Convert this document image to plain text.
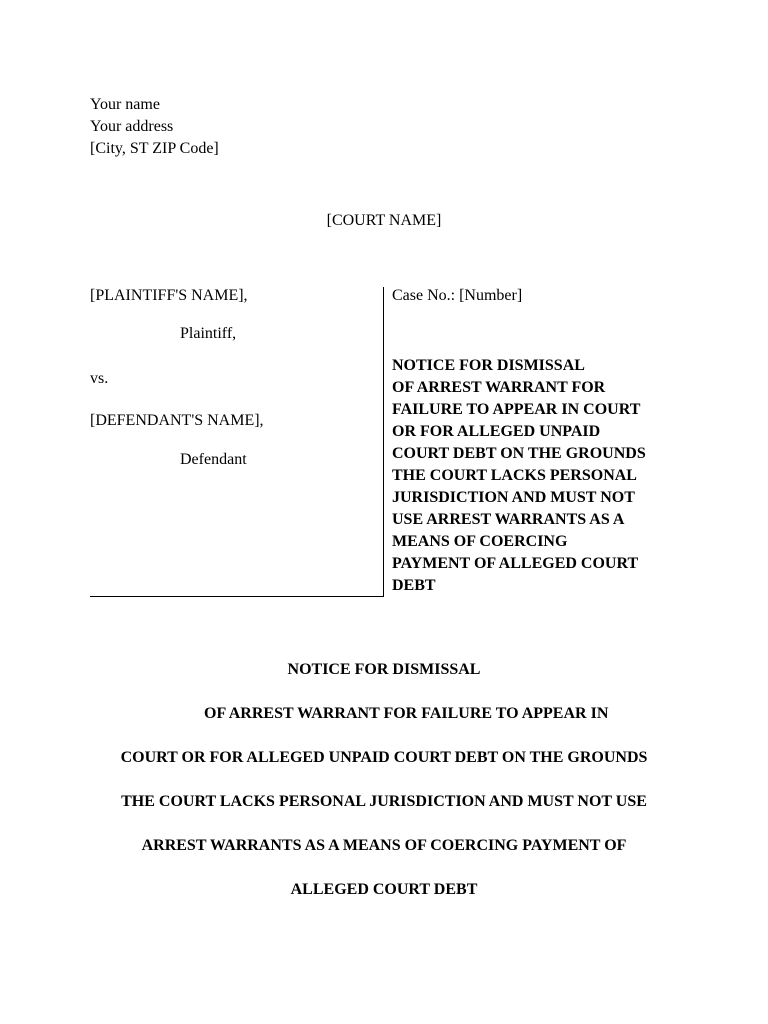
Your name
Your address
[City, ST ZIP Code]
[COURT NAME]
[PLAINTIFF'S NAME],
Plaintiff,
vs.
[DEFENDANT'S NAME],
Defendant
Case No.: [Number]
NOTICE FOR DISMISSAL
OF ARREST WARRANT FOR
FAILURE TO APPEAR IN COURT
OR FOR ALLEGED UNPAID
COURT DEBT ON THE GROUNDS
THE COURT LACKS PERSONAL
JURISDICTION AND MUST NOT
USE ARREST WARRANTS AS A
MEANS OF COERCING
PAYMENT OF ALLEGED COURT
DEBT
NOTICE FOR DISMISSAL
OF ARREST WARRANT FOR FAILURE TO APPEAR IN
COURT OR FOR ALLEGED UNPAID COURT DEBT ON THE GROUNDS
THE COURT LACKS PERSONAL JURISDICTION AND MUST NOT USE
ARREST WARRANTS AS A MEANS OF COERCING PAYMENT OF
ALLEGED COURT DEBT
